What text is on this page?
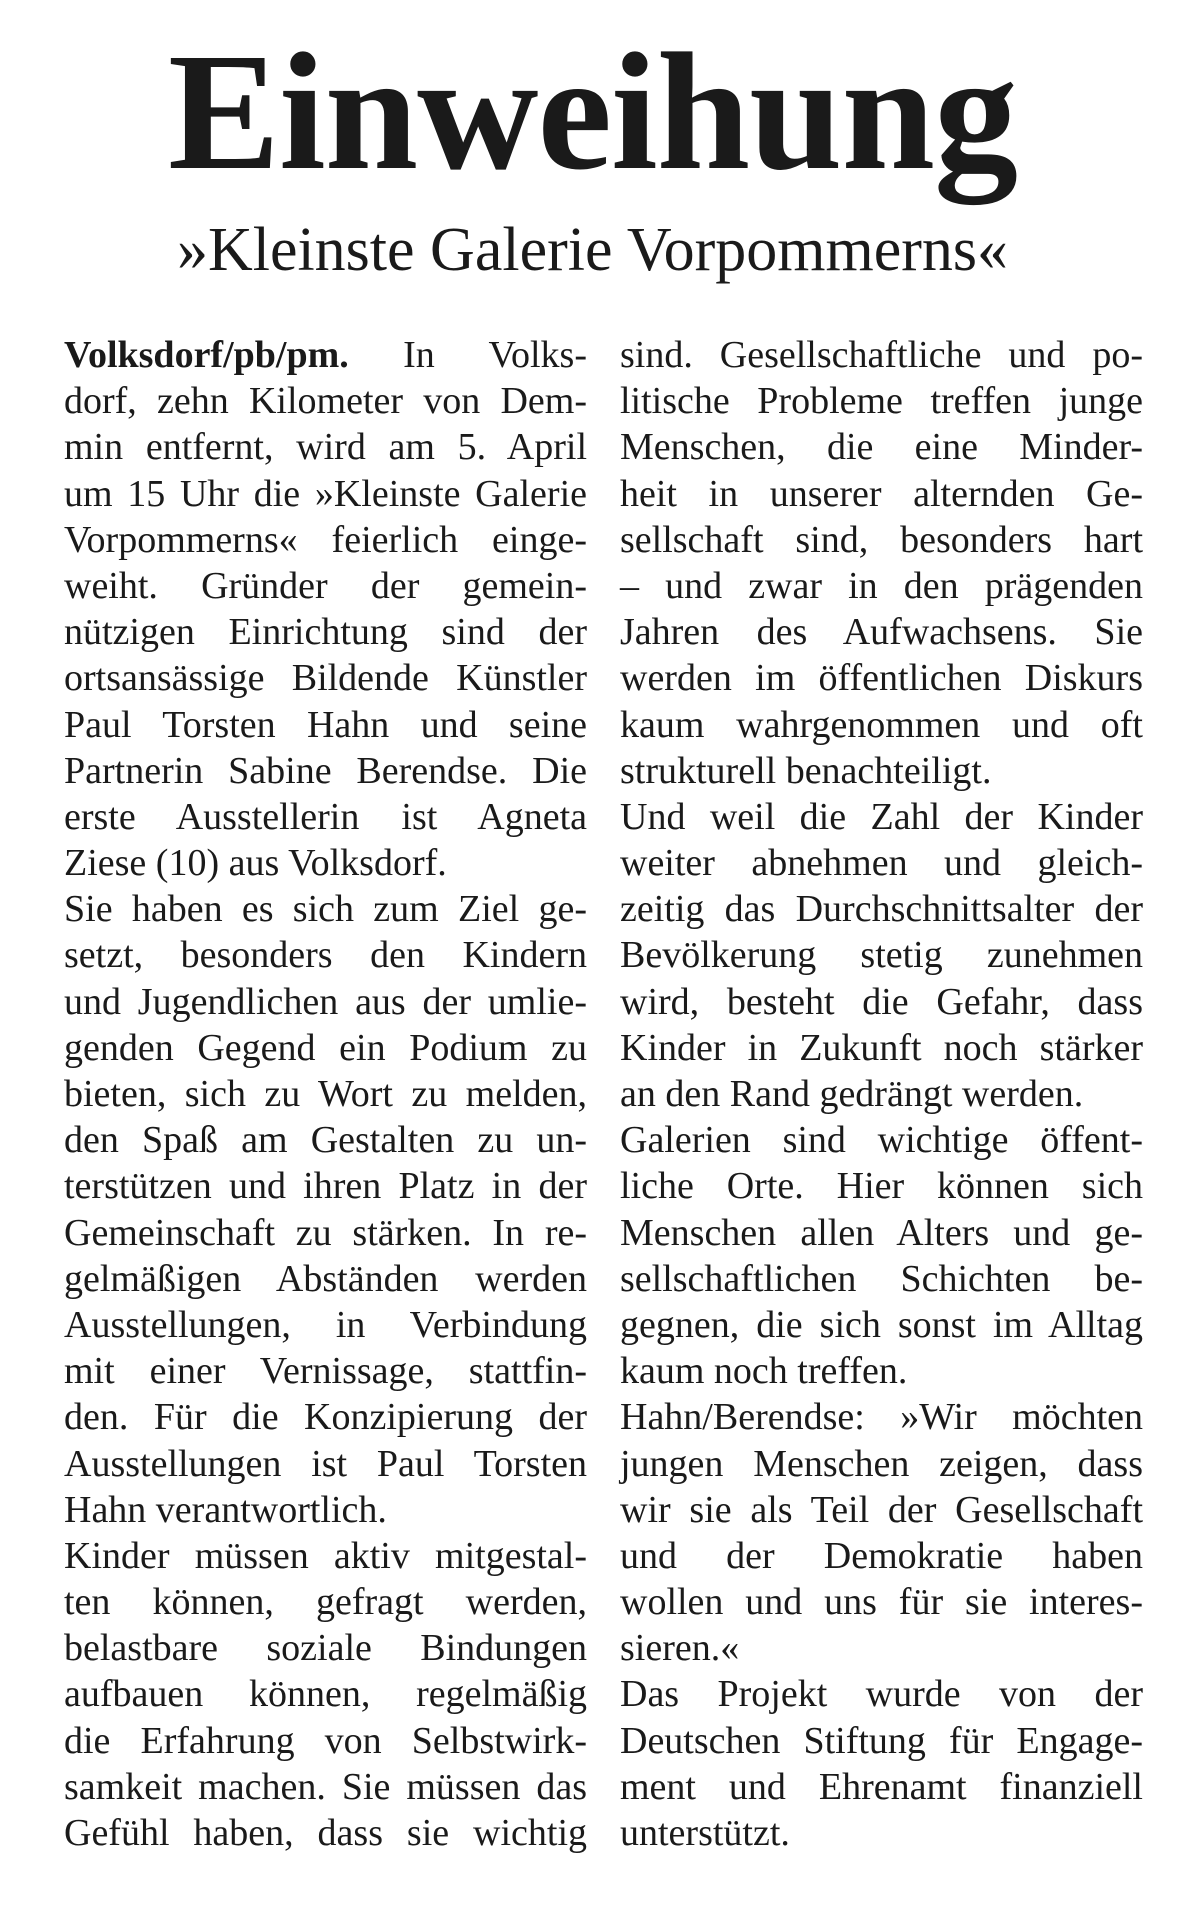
Einweihung
»Kleinste Galerie Vorpommerns«
Volksdorf/pb/pm. In Volks-
dorf, zehn Kilometer von Dem-
min entfernt, wird am 5. April
um 15 Uhr die »Kleinste Galerie
Vorpommerns« feierlich einge-
weiht. Gründer der gemein-
nützigen Einrichtung sind der
ortsansässige Bildende Künstler
Paul Torsten Hahn und seine
Partnerin Sabine Berendse. Die
erste Ausstellerin ist Agneta
Ziese (10) aus Volksdorf.
Sie haben es sich zum Ziel ge-
setzt, besonders den Kindern
und Jugendlichen aus der umlie-
genden Gegend ein Podium zu
bieten, sich zu Wort zu melden,
den Spaß am Gestalten zu un-
terstützen und ihren Platz in der
Gemeinschaft zu stärken. In re-
gelmäßigen Abständen werden
Ausstellungen, in Verbindung
mit einer Vernissage, stattfin-
den. Für die Konzipierung der
Ausstellungen ist Paul Torsten
Hahn verantwortlich.
Kinder müssen aktiv mitgestal-
ten können, gefragt werden,
belastbare soziale Bindungen
aufbauen können, regelmäßig
die Erfahrung von Selbstwirk-
samkeit machen. Sie müssen das
Gefühl haben, dass sie wichtig
sind. Gesellschaftliche und po-
litische Probleme treffen junge
Menschen, die eine Minder-
heit in unserer alternden Ge-
sellschaft sind, besonders hart
– und zwar in den prägenden
Jahren des Aufwachsens. Sie
werden im öffentlichen Diskurs
kaum wahrgenommen und oft
strukturell benachteiligt.
Und weil die Zahl der Kinder
weiter abnehmen und gleich-
zeitig das Durchschnittsalter der
Bevölkerung stetig zunehmen
wird, besteht die Gefahr, dass
Kinder in Zukunft noch stärker
an den Rand gedrängt werden.
Galerien sind wichtige öffent-
liche Orte. Hier können sich
Menschen allen Alters und ge-
sellschaftlichen Schichten be-
gegnen, die sich sonst im Alltag
kaum noch treffen.
Hahn/Berendse: »Wir möchten
jungen Menschen zeigen, dass
wir sie als Teil der Gesellschaft
und der Demokratie haben
wollen und uns für sie interes-
sieren.«
Das Projekt wurde von der
Deutschen Stiftung für Engage-
ment und Ehrenamt finanziell
unterstützt.
